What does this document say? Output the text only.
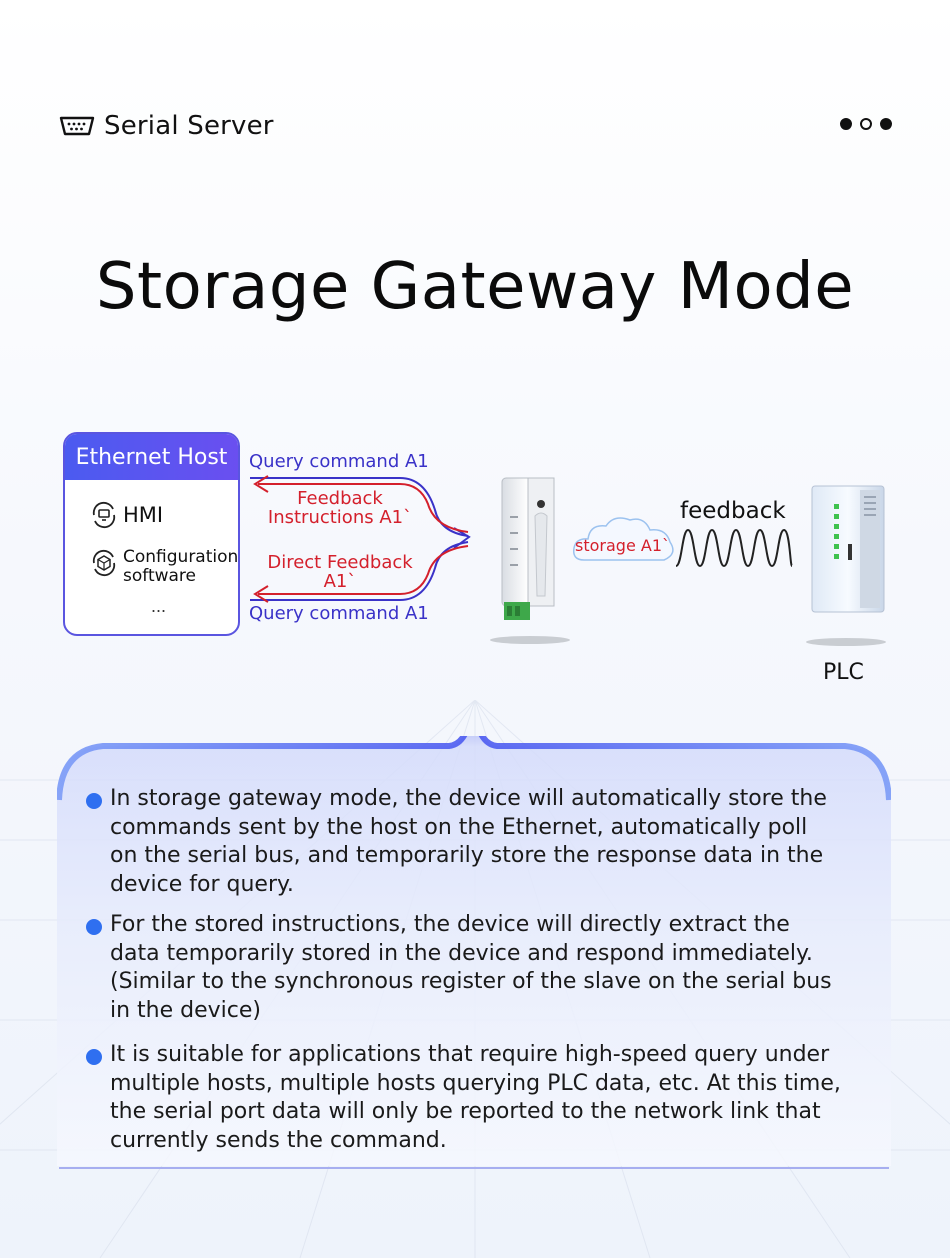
Serial Server
Storage Gateway Mode
Ethernet Host
HMI
Configuration
software
...
Query command A1
Feedback
Instructions A1`
Direct Feedback
A1`
Query command A1
storage A1`
feedback
PLC
In storage gateway mode, the device will automatically store the
commands sent by the host on the Ethernet, automatically poll
on the serial bus, and temporarily store the response data in the
device for query.
For the stored instructions, the device will directly extract the
data temporarily stored in the device and respond immediately.
(Similar to the synchronous register of the slave on the serial bus
in the device)
It is suitable for applications that require high-speed query under
multiple hosts, multiple hosts querying PLC data, etc. At this time,
the serial port data will only be reported to the network link that
currently sends the command.
